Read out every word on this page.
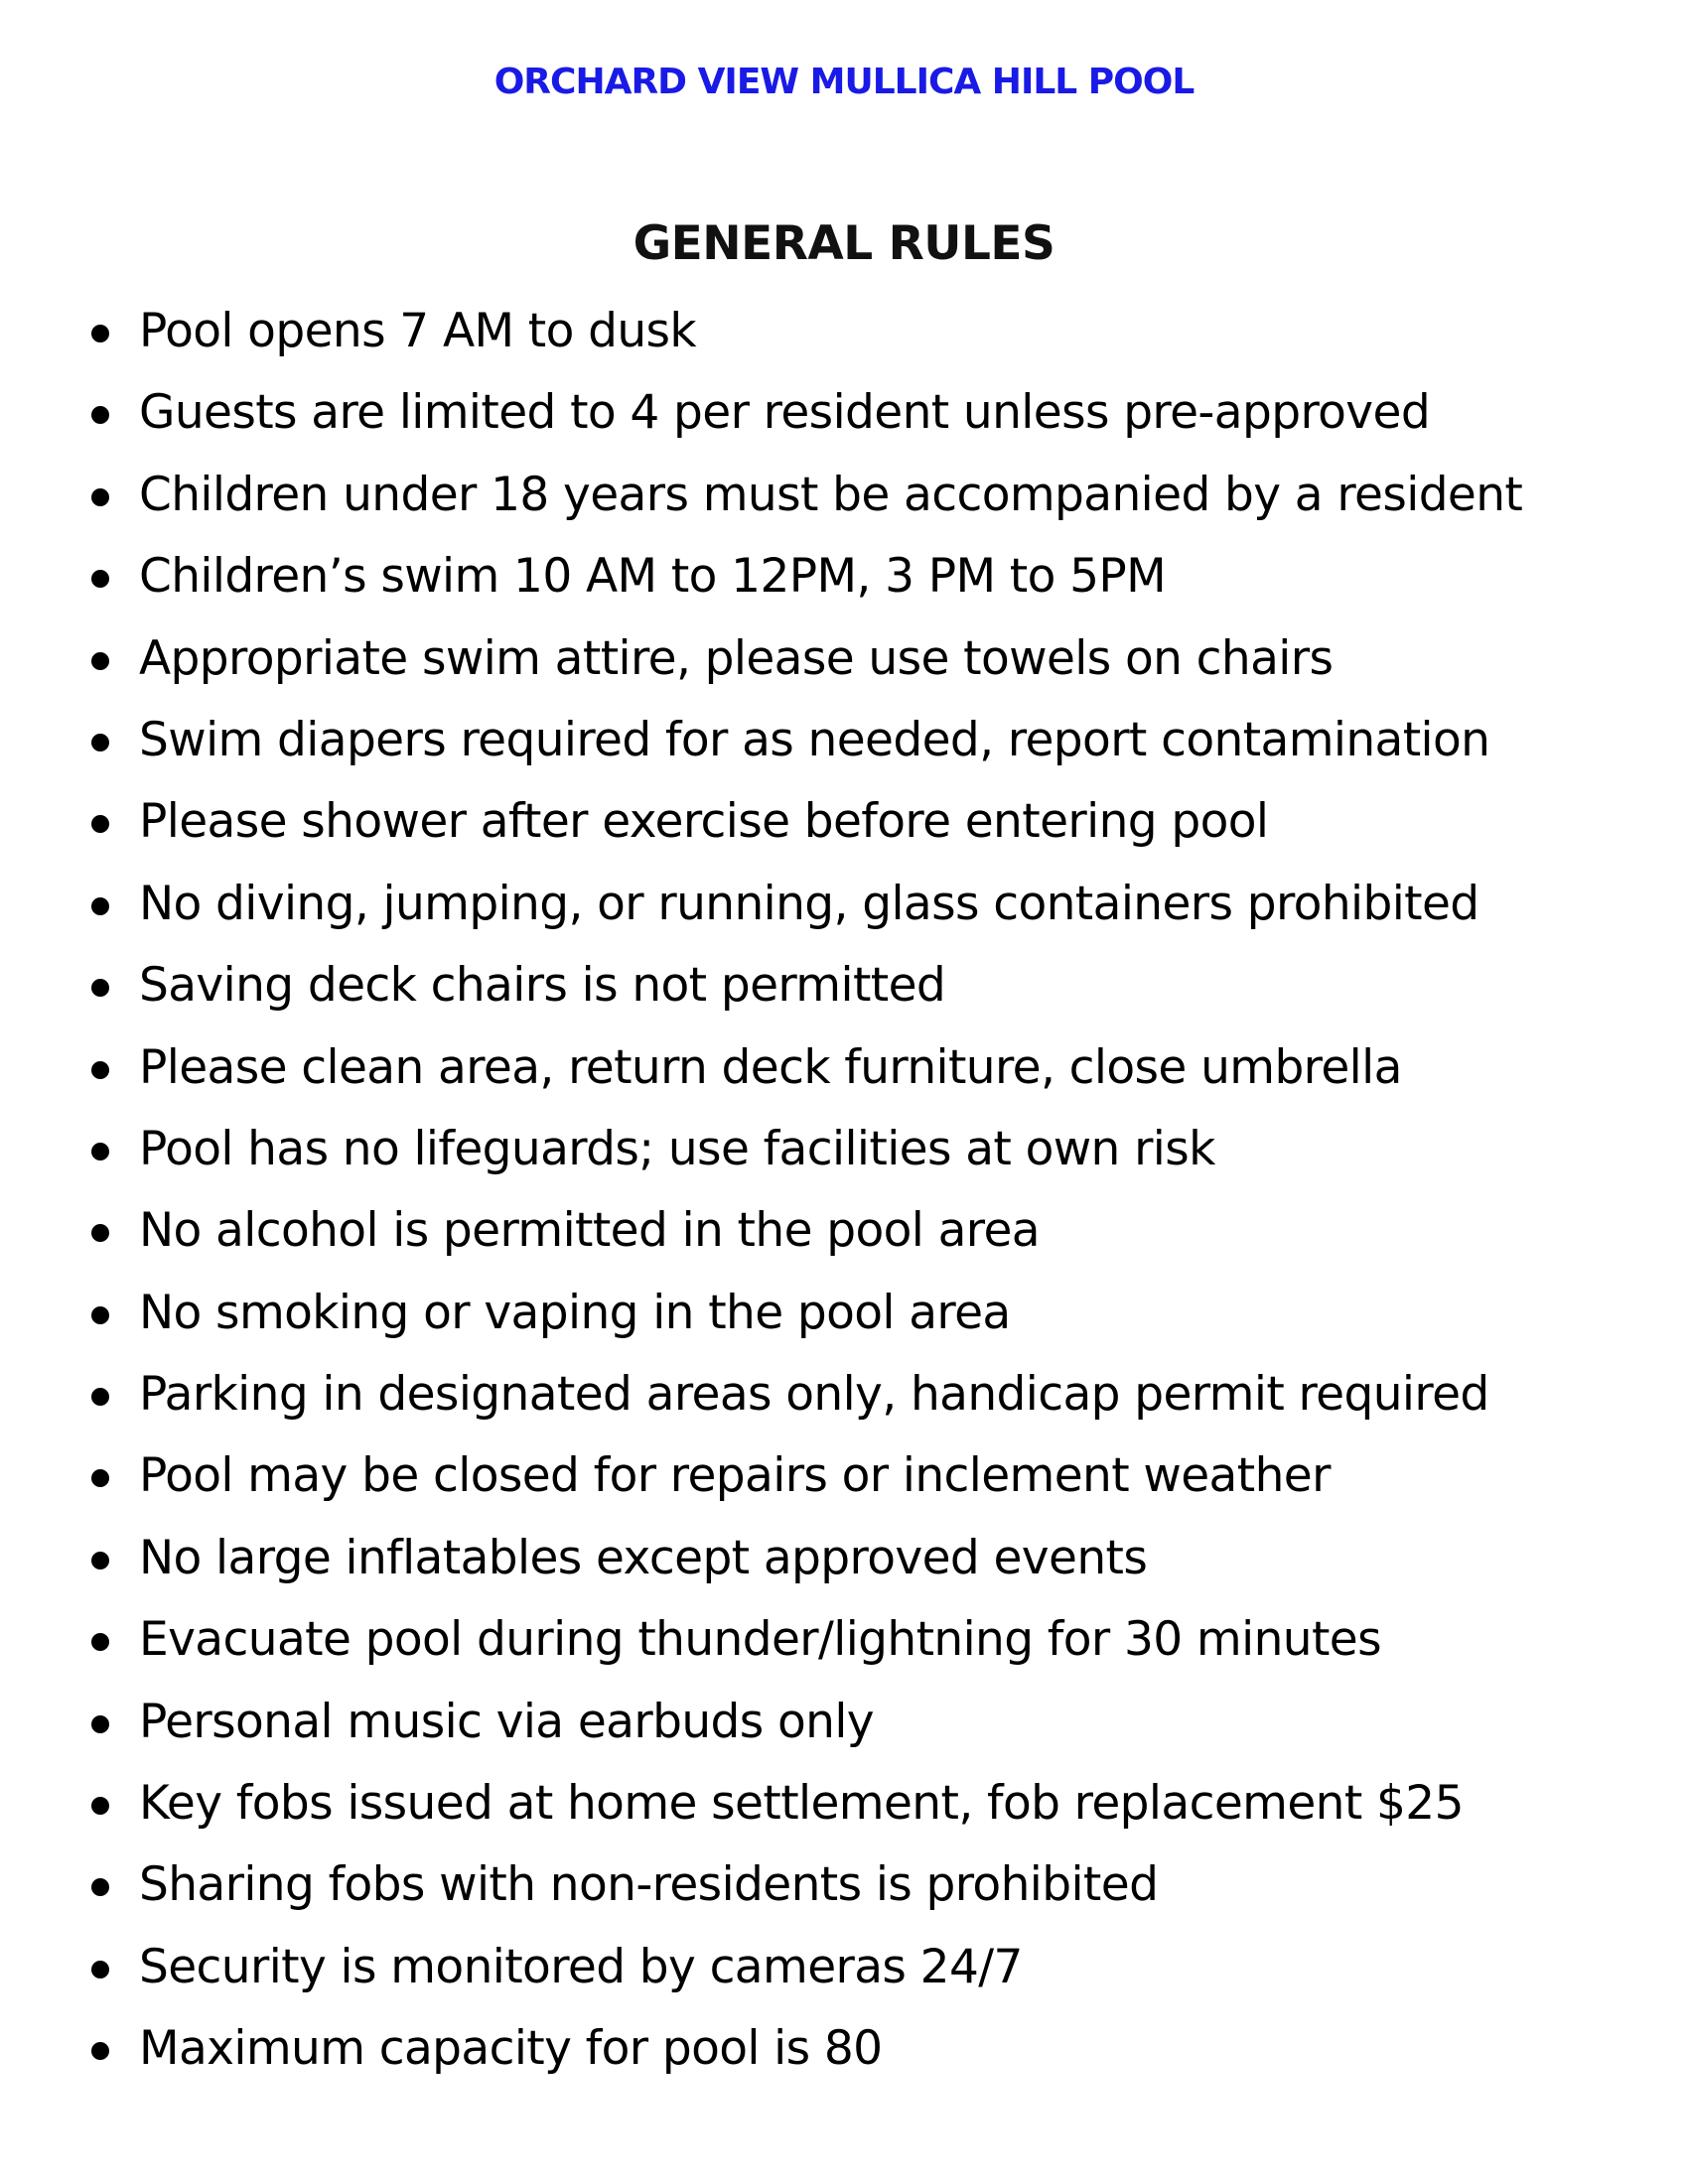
ORCHARD VIEW MULLICA HILL POOL
GENERAL RULES
Pool opens 7 AM to dusk
Guests are limited to 4 per resident unless pre-approved
Children under 18 years must be accompanied by a resident
Children’s swim 10 AM to 12PM, 3 PM to 5PM
Appropriate swim attire, please use towels on chairs
Swim diapers required for as needed, report contamination
Please shower after exercise before entering pool
No diving, jumping, or running, glass containers prohibited
Saving deck chairs is not permitted
Please clean area, return deck furniture, close umbrella
Pool has no lifeguards; use facilities at own risk
No alcohol is permitted in the pool area
No smoking or vaping in the pool area
Parking in designated areas only, handicap permit required
Pool may be closed for repairs or inclement weather
No large inflatables except approved events
Evacuate pool during thunder/lightning for 30 minutes
Personal music via earbuds only
Key fobs issued at home settlement, fob replacement $25
Sharing fobs with non-residents is prohibited
Security is monitored by cameras 24/7
Maximum capacity for pool is 80
